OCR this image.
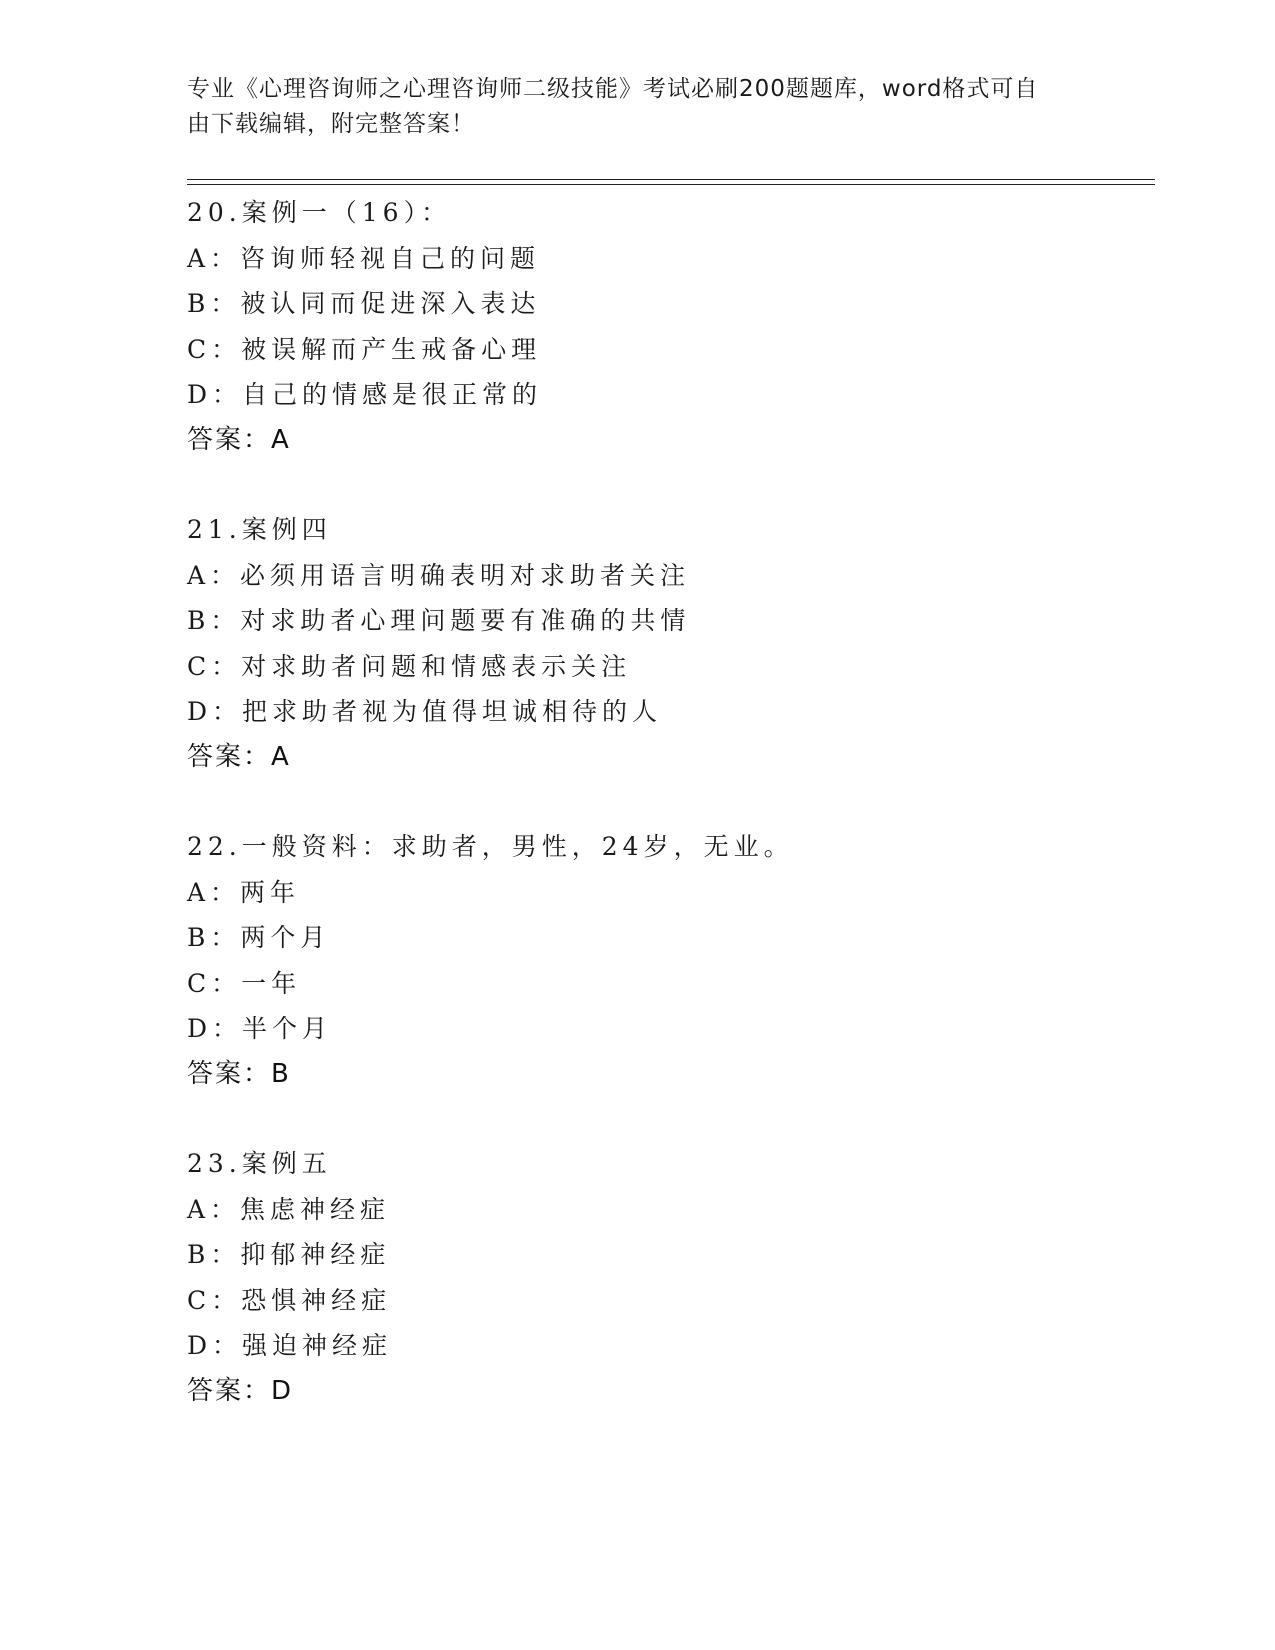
专业《心理咨询师之心理咨询师二级技能》考试必刷200题题库，word格式可自
由下载编辑，附完整答案！
20.案例一（16）：
A：咨询师轻视自己的问题
B：被认同而促进深入表达
C：被误解而产生戒备心理
D：自己的情感是很正常的
答案：A
21.案例四
A：必须用语言明确表明对求助者关注
B：对求助者心理问题要有准确的共情
C：对求助者问题和情感表示关注
D：把求助者视为值得坦诚相待的人
答案：A
22.一般资料：求助者，男性，24岁，无业。
A：两年
B：两个月
C：一年
D：半个月
答案：B
23.案例五
A：焦虑神经症
B：抑郁神经症
C：恐惧神经症
D：强迫神经症
答案：D
